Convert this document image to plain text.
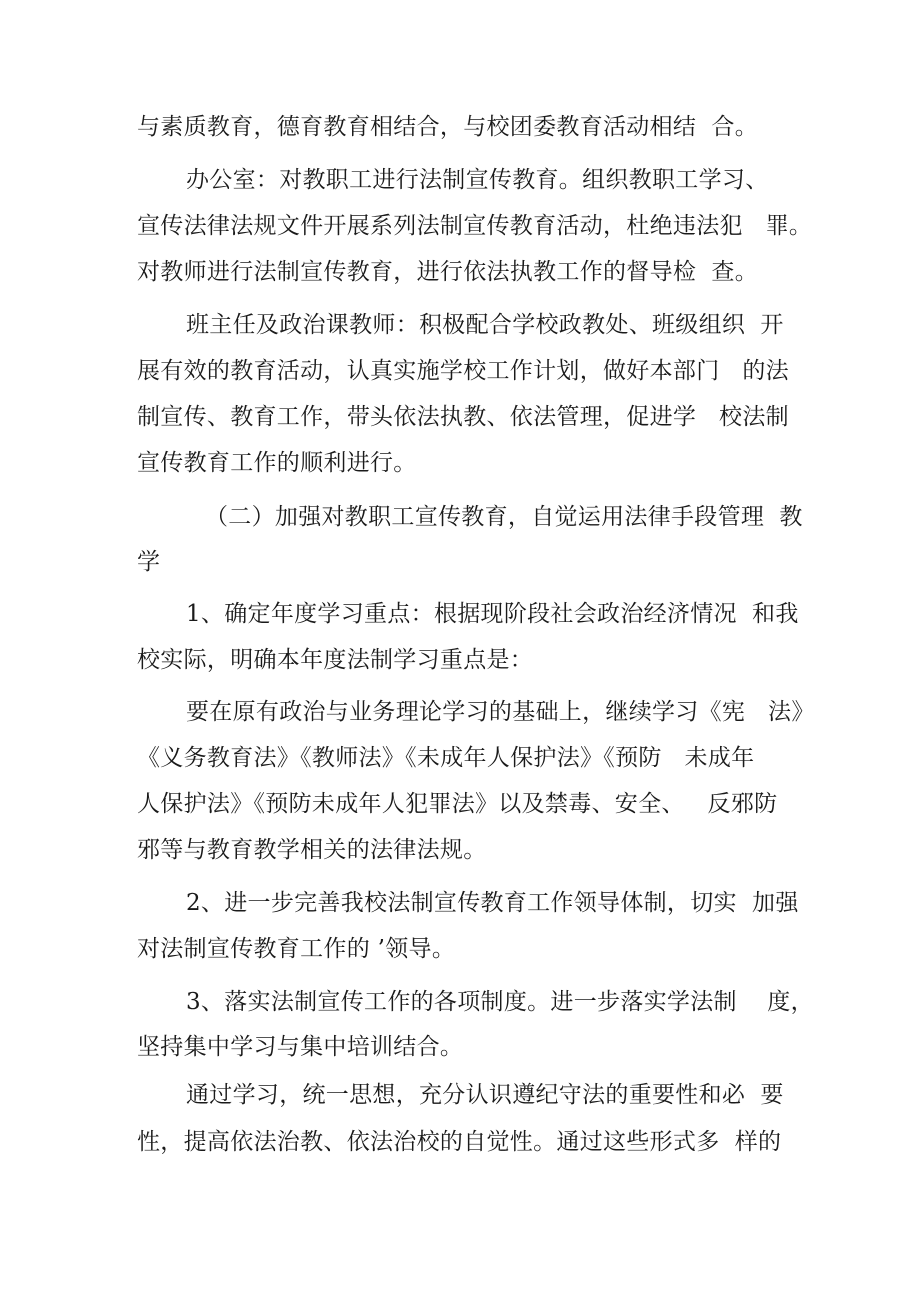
与素质教育，德育教育相结合，与校团委教育活动相结  合。
办公室：对教职工进行法制宣传教育。组织教职工学习、
宣传法律法规文件开展系列法制宣传教育活动，杜绝违法犯   罪。
对教师进行法制宣传教育，进行依法执教工作的督导检  查。
班主任及政治课教师：积极配合学校政教处、班级组织  开
展有效的教育活动，认真实施学校工作计划，做好本部门   的法
制宣传、教育工作，带头依法执教、依法管理，促进学   校法制
宣传教育工作的顺利进行。
（二）加强对教职工宣传教育，自觉运用法律手段管理  教
学
1、确定年度学习重点：根据现阶段社会政治经济情况  和我
校实际，明确本年度法制学习重点是：
要在原有政治与业务理论学习的基础上，继续学习《宪   法》
《义务教育法》《教师法》《未成年人保护法》《预防   未成年
人保护法》《预防未成年人犯罪法》以及禁毒、安全、   反邪防
邪等与教育教学相关的法律法规。
2、进一步完善我校法制宣传教育工作领导体制，切实  加强
对法制宣传教育工作的 ’领导。
3、落实法制宣传工作的各项制度。进一步落实学法制    度，
坚持集中学习与集中培训结合。
通过学习，统一思想，充分认识遵纪守法的重要性和必  要
性，提高依法治教、依法治校的自觉性。通过这些形式多  样的
